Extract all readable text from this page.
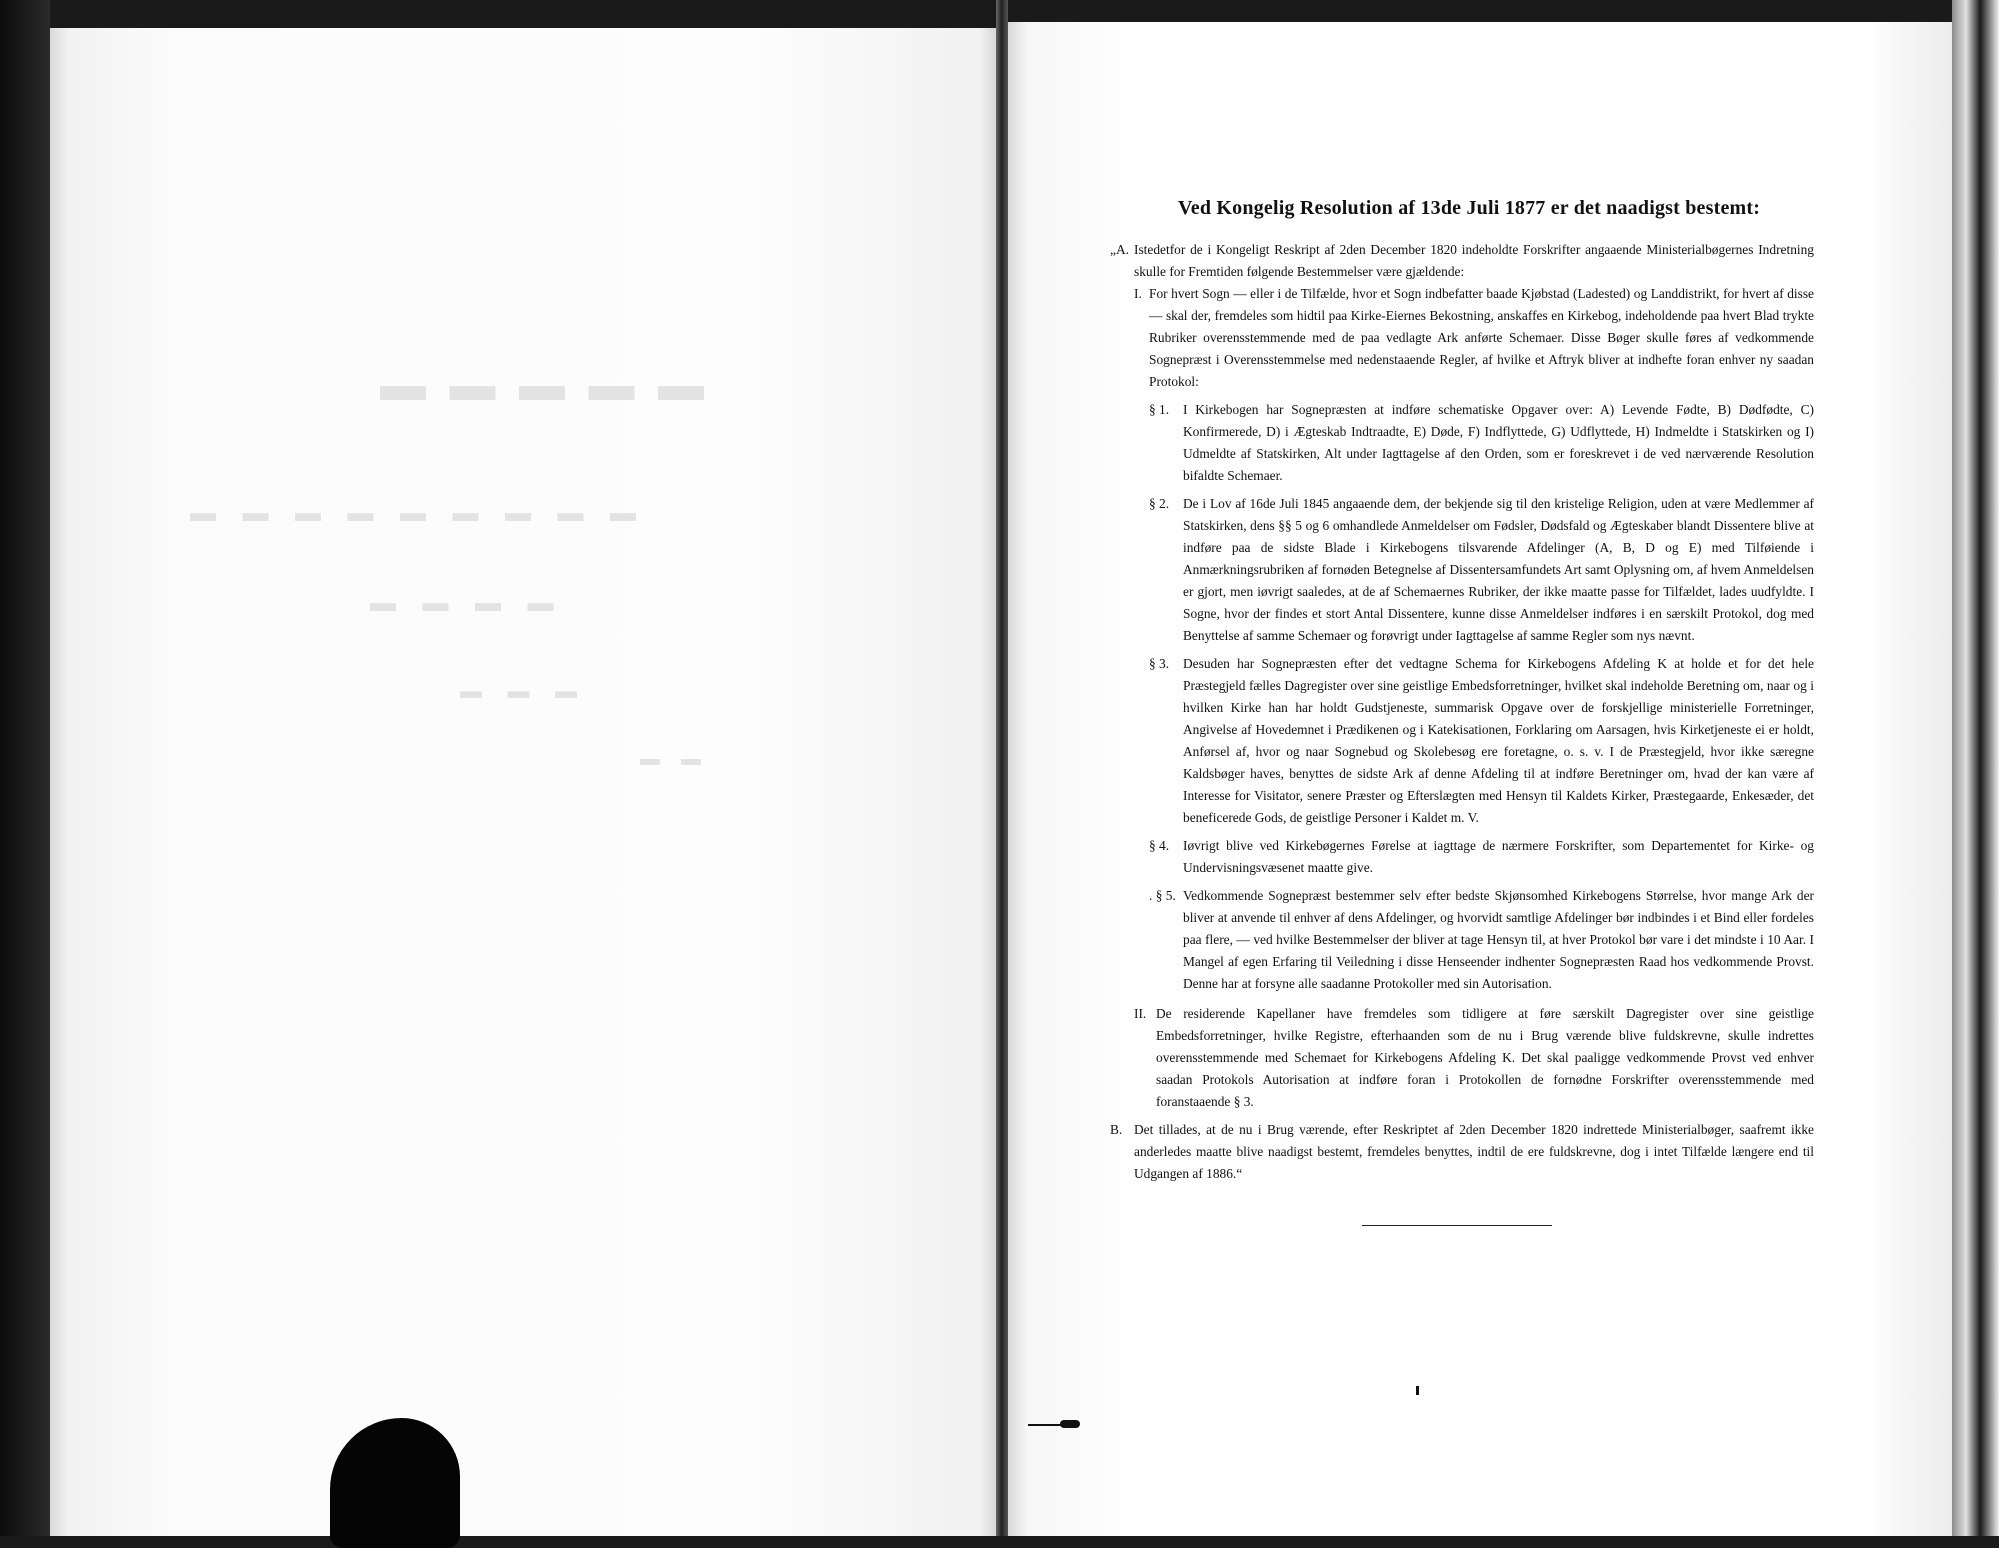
▬ ▬ ▬ ▬ ▬
▬ ▬ ▬ ▬ ▬ ▬ ▬ ▬ ▬
▬ ▬ ▬ ▬
▬ ▬ ▬
▬ ▬
Ved Kongelig Resolution af 13de Juli 1877 er det naadigst bestemt:
„A. Istedetfor de i Kongeligt Reskript af 2den December 1820 indeholdte Forskrifter angaaende Ministerialbøgernes Indretning skulle for Fremtiden følgende Bestemmelser være gjældende:
I. For hvert Sogn — eller i de Tilfælde, hvor et Sogn indbefatter baade Kjøbstad (Ladested) og Landdistrikt, for hvert af disse — skal der, fremdeles som hidtil paa Kirke-Eiernes Bekostning, anskaffes en Kirkebog, indeholdende paa hvert Blad trykte Rubriker overensstemmende med de paa vedlagte Ark anførte Schemaer. Disse Bøger skulle føres af vedkommende Sognepræst i Overensstemmelse med nedenstaaende Regler, af hvilke et Aftryk bliver at indhefte foran enhver ny saadan Protokol:
§ 1.	I Kirkebogen har Sognepræsten at indføre schematiske Opgaver over: A) Levende Fødte, B) Dødfødte, C) Konfirmerede, D) i Ægteskab Indtraadte, E) Døde, F) Indflyttede, G) Udflyttede, H) Indmeldte i Statskirken og I) Udmeldte af Statskirken, Alt under Iagttagelse af den Orden, som er foreskrevet i de ved nærværende Resolution bifaldte Schemaer.
§ 2.	De i Lov af 16de Juli 1845 angaaende dem, der bekjende sig til den kristelige Religion, uden at være Medlemmer af Statskirken, dens §§ 5 og 6 omhandlede Anmeldelser om Fødsler, Dødsfald og Ægteskaber blandt Dissentere blive at indføre paa de sidste Blade i Kirkebogens tilsvarende Afdelinger (A, B, D og E) med Tilføiende i Anmærkningsrubriken af fornøden Betegnelse af Dissentersamfundets Art samt Oplysning om, af hvem Anmeldelsen er gjort, men iøvrigt saaledes, at de af Schemaernes Rubriker, der ikke maatte passe for Tilfældet, lades uudfyldte. I Sogne, hvor der findes et stort Antal Dissentere, kunne disse Anmeldelser indføres i en særskilt Protokol, dog med Benyttelse af samme Schemaer og forøvrigt under Iagttagelse af samme Regler som nys nævnt.
§ 3.	Desuden har Sognepræsten efter det vedtagne Schema for Kirkebogens Afdeling K at holde et for det hele Præstegjeld fælles Dagregister over sine geistlige Embedsforretninger, hvilket skal indeholde Beretning om, naar og i hvilken Kirke han har holdt Gudstjeneste, summarisk Opgave over de forskjellige ministerielle Forretninger, Angivelse af Hovedemnet i Prædikenen og i Katekisationen, Forklaring om Aarsagen, hvis Kirketjeneste ei er holdt, Anførsel af, hvor og naar Sognebud og Skolebesøg ere foretagne, o. s. v. I de Præstegjeld, hvor ikke særegne Kaldsbøger haves, benyttes de sidste Ark af denne Afdeling til at indføre Beretninger om, hvad der kan være af Interesse for Visitator, senere Præster og Efterslægten med Hensyn til Kaldets Kirker, Præstegaarde, Enkesæder, det beneficerede Gods, de geistlige Personer i Kaldet m. V.
§ 4.	Iøvrigt blive ved Kirkebøgernes Førelse at iagttage de nærmere Forskrifter, som Departementet for Kirke- og Undervisningsvæsenet maatte give.
. § 5. Vedkommende Sognepræst bestemmer selv efter bedste Skjønsomhed Kirkebogens Størrelse, hvor mange Ark der bliver at anvende til enhver af dens Afdelinger, og hvorvidt samtlige Afdelinger bør indbindes i et Bind eller fordeles paa flere, — ved hvilke Bestemmelser der bliver at tage Hensyn til, at hver Protokol bør vare i det mindste i 10 Aar. I Mangel af egen Erfaring til Veiledning i disse Henseender indhenter Sognepræsten Raad hos vedkommende Provst. Denne har at forsyne alle saadanne Protokoller med sin Autorisation.
II. De residerende Kapellaner have fremdeles som tidligere at føre særskilt Dagregister over sine geistlige Embedsforretninger, hvilke Registre, efterhaanden som de nu i Brug værende blive fuldskrevne, skulle indrettes overensstemmende med Schemaet for Kirkebogens Afdeling K. Det skal paaligge vedkommende Provst ved enhver saadan Protokols Autorisation at indføre foran i Protokollen de fornødne Forskrifter overensstemmende med foranstaaende § 3.
B. Det tillades, at de nu i Brug værende, efter Reskriptet af 2den December 1820 indrettede Ministerialbøger, saafremt ikke anderledes maatte blive naadigst bestemt, fremdeles benyttes, indtil de ere fuldskrevne, dog i intet Tilfælde længere end til Udgangen af 1886.“
